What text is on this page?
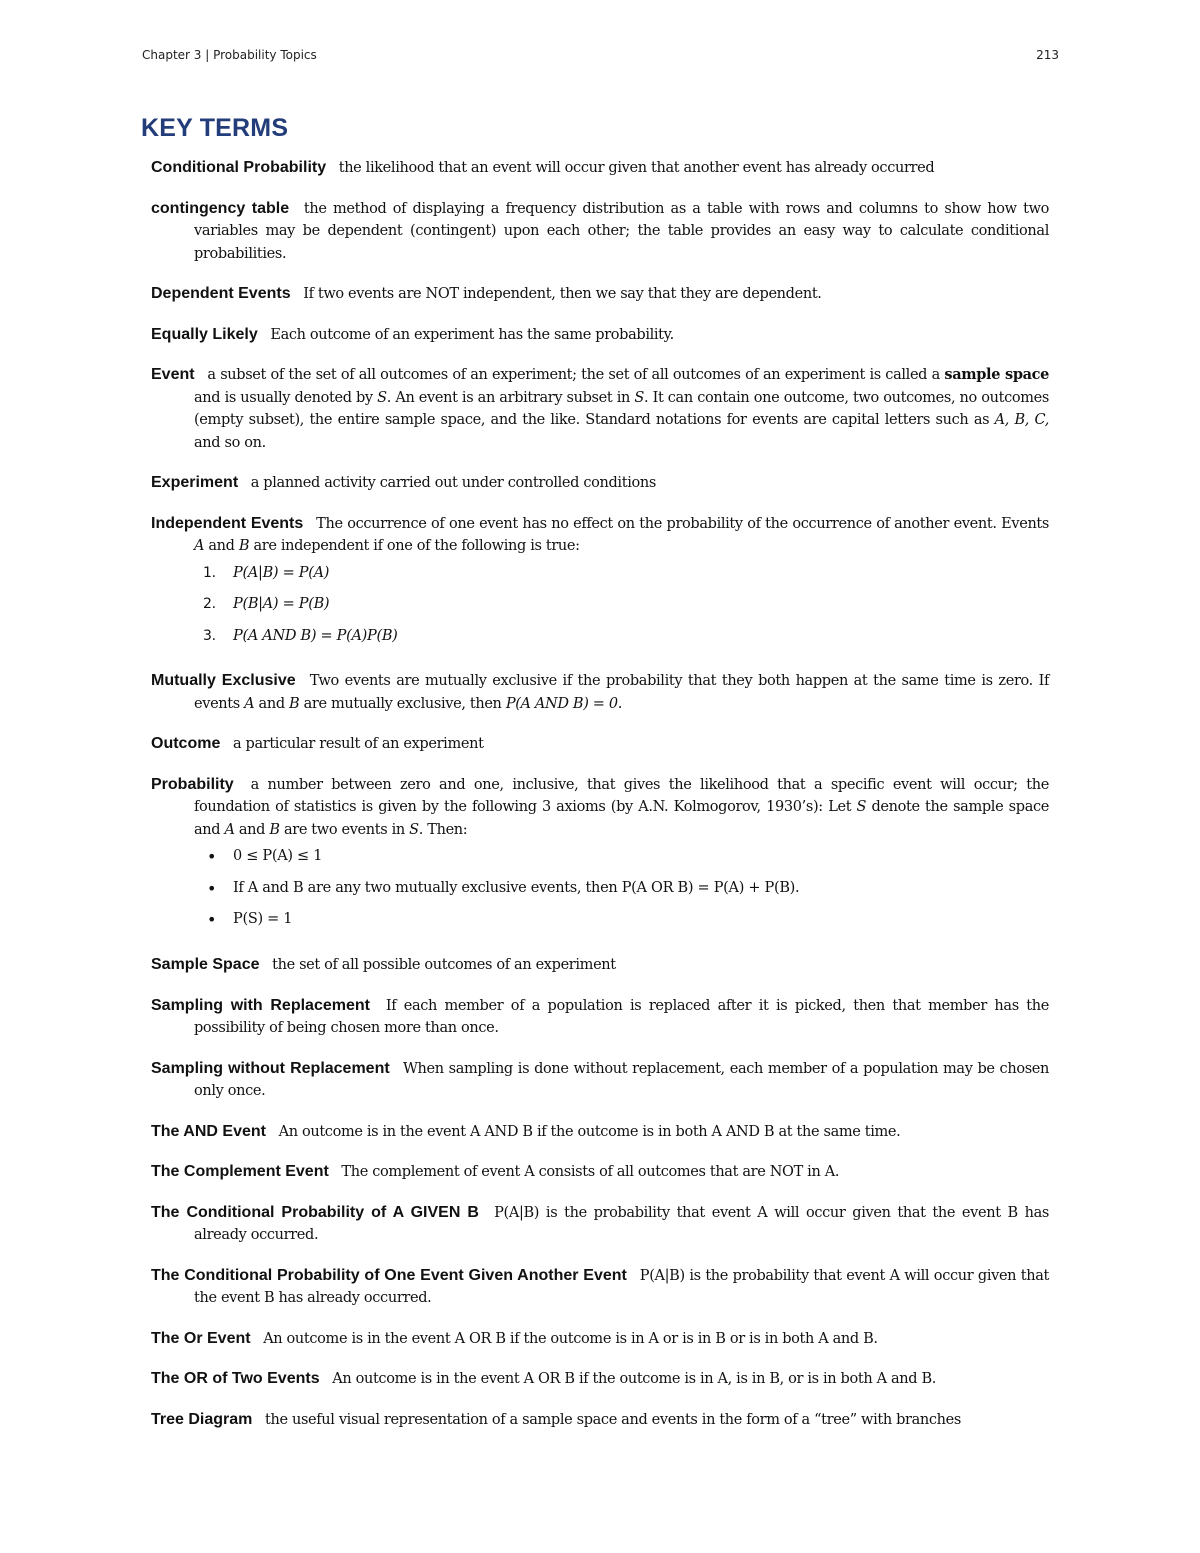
Chapter 3 | Probability Topics	213
KEY TERMS

Conditional Probability the likelihood that an event will occur given that another event has already occurred

contingency table the method of displaying a frequency distribution as a table with rows and columns to show how two variables may be dependent (contingent) upon each other; the table provides an easy way to calculate conditional probabilities.

Dependent Events If two events are NOT independent, then we say that they are dependent.

Equally Likely Each outcome of an experiment has the same probability.

Event a subset of the set of all outcomes of an experiment; the set of all outcomes of an experiment is called a sample space and is usually denoted by S. An event is an arbitrary subset in S. It can contain one outcome, two outcomes, no outcomes (empty subset), the entire sample space, and the like. Standard notations for events are capital letters such as A, B, C, and so on.

Experiment a planned activity carried out under controlled conditions

Independent Events The occurrence of one event has no effect on the probability of the occurrence of another event. Events A and B are independent if one of the following is true:
1. P(A|B) = P(A)
2. P(B|A) = P(B)
3. P(A AND B) = P(A)P(B)

Mutually Exclusive Two events are mutually exclusive if the probability that they both happen at the same time is zero. If events A and B are mutually exclusive, then P(A AND B) = 0.

Outcome a particular result of an experiment

Probability a number between zero and one, inclusive, that gives the likelihood that a specific event will occur; the foundation of statistics is given by the following 3 axioms (by A.N. Kolmogorov, 1930’s): Let S denote the sample space and A and B are two events in S. Then:
• 0 ≤ P(A) ≤ 1
• If A and B are any two mutually exclusive events, then P(A OR B) = P(A) + P(B).
• P(S) = 1

Sample Space the set of all possible outcomes of an experiment

Sampling with Replacement If each member of a population is replaced after it is picked, then that member has the possibility of being chosen more than once.

Sampling without Replacement When sampling is done without replacement, each member of a population may be chosen only once.

The AND Event An outcome is in the event A AND B if the outcome is in both A AND B at the same time.

The Complement Event The complement of event A consists of all outcomes that are NOT in A.

The Conditional Probability of A GIVEN B P(A|B) is the probability that event A will occur given that the event B has already occurred.

The Conditional Probability of One Event Given Another Event P(A|B) is the probability that event A will occur given that the event B has already occurred.

The Or Event An outcome is in the event A OR B if the outcome is in A or is in B or is in both A and B.

The OR of Two Events An outcome is in the event A OR B if the outcome is in A, is in B, or is in both A and B.

Tree Diagram the useful visual representation of a sample space and events in the form of a “tree” with branches
